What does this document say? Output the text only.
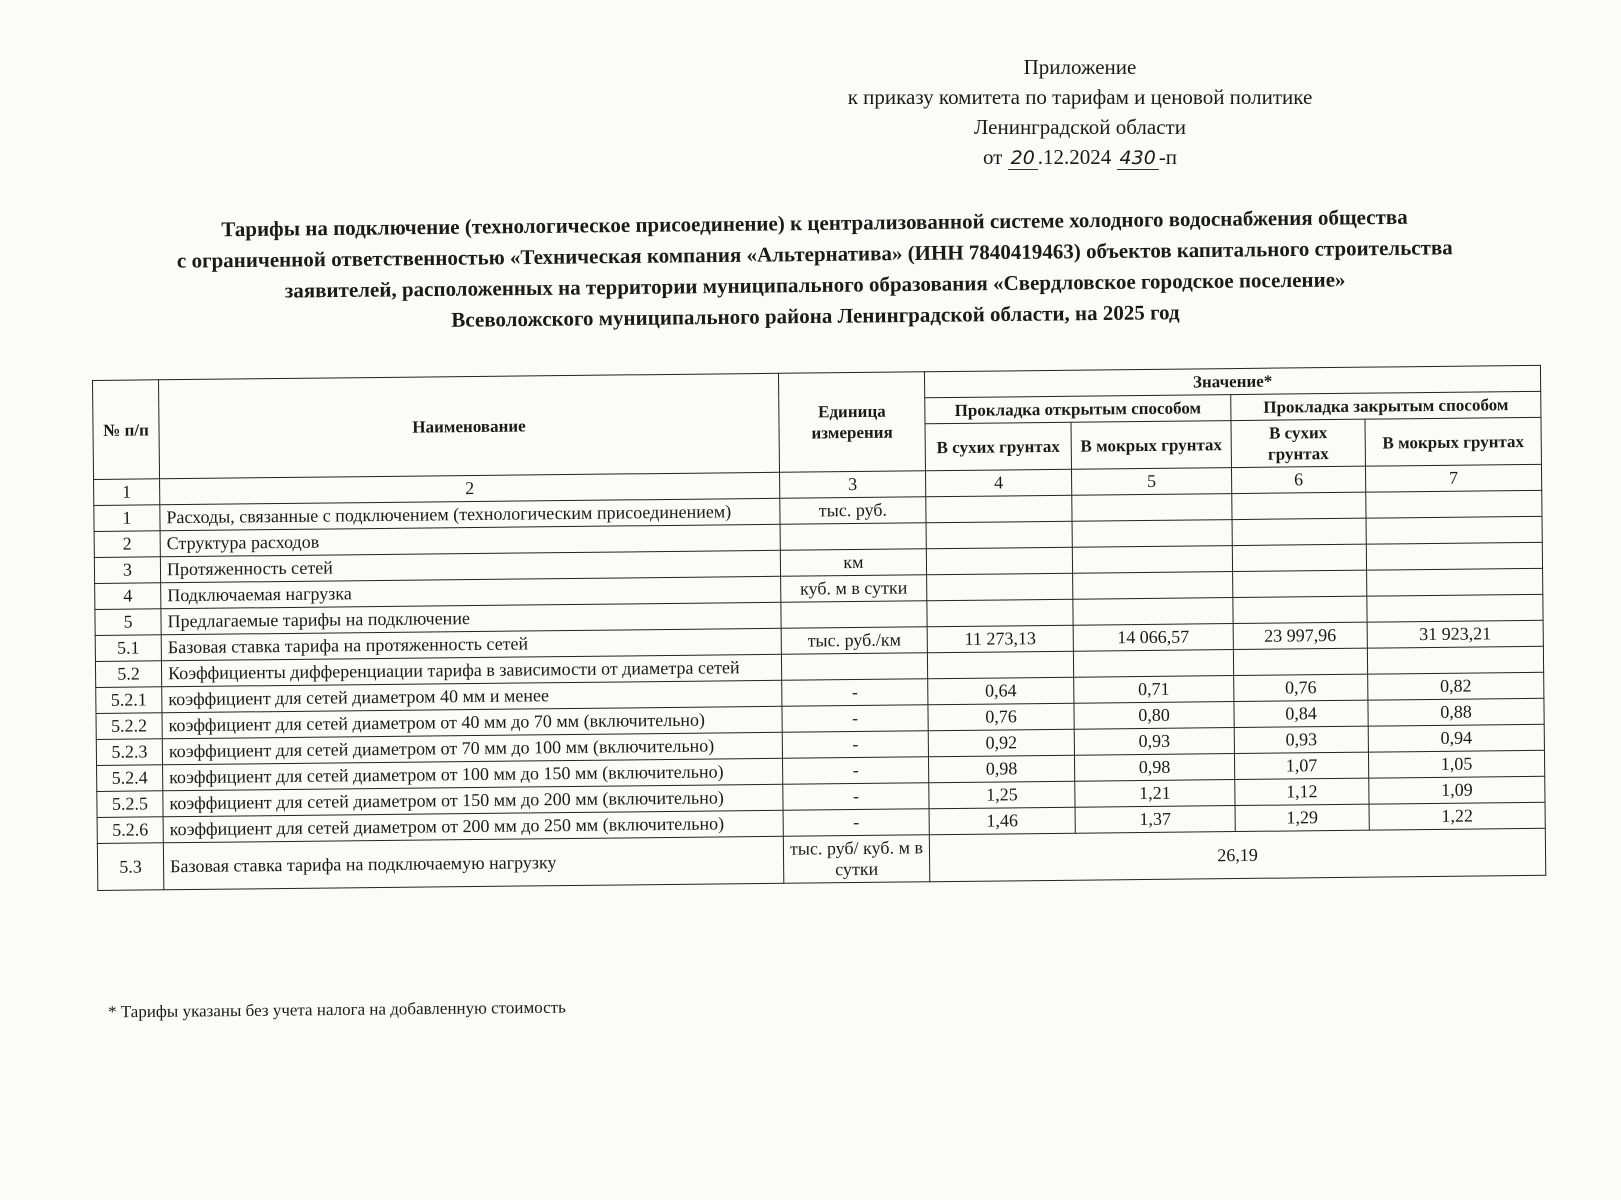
Приложение
к приказу комитета по тарифам и ценовой политике
Ленинградской области
от 20 .12.2024 430 -п
Тарифы на подключение (технологическое присоединение) к централизованной системе холодного водоснабжения общества
с ограниченной ответственностью «Техническая компания «Альтернатива» (ИНН 7840419463) объектов капитального строительства
заявителей, расположенных на территории муниципального образования «Свердловское городское поселение»
Всеволожского муниципального района Ленинградской области, на 2025 год
№ п/п	Наименование	Единица измерения	Значение*			
			Прокладка открытым способом		Прокладка закрытым способом	
			В сухих грунтах	В мокрых грунтах	В сухих грунтах	В мокрых грунтах
1	2	3	4	5	6	7
1	Расходы, связанные с подключением (технологическим присоединением)	тыс. руб.				
2	Структура расходов					
3	Протяженность сетей	км				
4	Подключаемая нагрузка	куб. м в сутки				
5	Предлагаемые тарифы на подключение					
5.1	Базовая ставка тарифа на протяженность сетей	тыс. руб./км	11 273,13	14 066,57	23 997,96	31 923,21
5.2	Коэффициенты дифференциации тарифа в зависимости от диаметра сетей					
5.2.1	коэффициент для сетей диаметром 40 мм и менее	-	0,64	0,71	0,76	0,82
5.2.2	коэффициент для сетей диаметром от 40 мм до 70 мм (включительно)	-	0,76	0,80	0,84	0,88
5.2.3	коэффициент для сетей диаметром от 70 мм до 100 мм (включительно)	-	0,92	0,93	0,93	0,94
5.2.4	коэффициент для сетей диаметром от 100 мм до 150 мм (включительно)	-	0,98	0,98	1,07	1,05
5.2.5	коэффициент для сетей диаметром от 150 мм до 200 мм (включительно)	-	1,25	1,21	1,12	1,09
5.2.6	коэффициент для сетей диаметром от 200 мм до 250 мм (включительно)	-	1,46	1,37	1,29	1,22
5.3	Базовая ставка тарифа на подключаемую нагрузку	тыс. руб/ куб. м в сутки	26,19			
* Тарифы указаны без учета налога на добавленную стоимость
